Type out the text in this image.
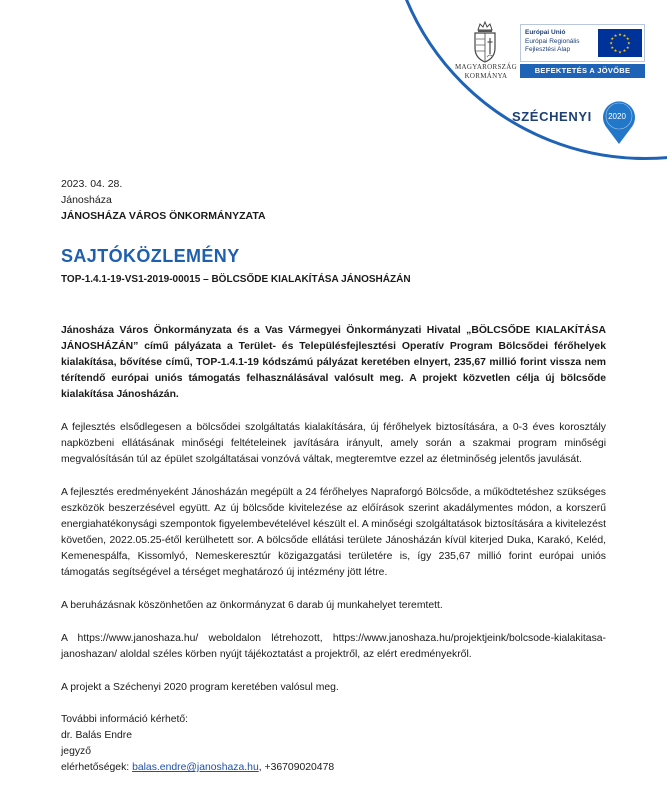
MAGYARORSZÁG
KORMÁNYA
Európai Unió
Európai Regionális
Fejlesztési Alap
★ ★
★
★
★
★
★
★
★
★
★
★
BEFEKTETÉS A JÖVŐBE
SZÉCHENYI	2020

2023. 04. 28.

Jánosháza

JÁNOSHÁZA VÁROS ÖNKORMÁNYZATA

SAJTÓKÖZLEMÉNY

TOP-1.4.1-19-VS1-2019-00015 – BÖLCSŐDE KIALAKÍTÁSA JÁNOSHÁZÁN

Jánosháza Város Önkormányzata és a Vas Vármegyei Önkormányzati Hivatal „BÖLCSŐDE KIALAKÍTÁSA JÁNOSHÁZÁN” című pályázata a Terület- és Településfejlesztési Operatív Program Bölcsődei férőhelyek kialakítása, bővítése című, TOP-1.4.1-19 kódszámú pályázat keretében elnyert, 235,67 millió forint vissza nem térítendő európai uniós támogatás felhasználásával valósult meg. A projekt közvetlen célja új bölcsőde kialakítása Jánosházán.
A fejlesztés elsődlegesen a bölcsődei szolgáltatás kialakítására, új férőhelyek biztosítására, a 0-3 éves korosztály napközbeni ellátásának minőségi feltételeinek javítására irányult, amely során a szakmai program minőségi megvalósításán túl az épület szolgáltatásai vonzóvá váltak, megteremtve ezzel az életminőség jelentős javulását.
A fejlesztés eredményeként Jánosházán megépült a 24 férőhelyes Napraforgó Bölcsőde, a működtetéshez szükséges eszközök beszerzésével együtt. Az új bölcsőde kivitelezése az előírások szerint akadálymentes módon, a korszerű energiahatékonysági szempontok figyelembevételével készült el. A minőségi szolgáltatások biztosítására a kivitelezést követően, 2022.05.25-étől kerülhetett sor. A bölcsőde ellátási területe Jánosházán kívül kiterjed Duka, Karakó, Keléd, Kemenespálfa, Kissomlyó, Nemeskeresztúr közigazgatási területére is, így 235,67 millió forint európai uniós támogatás segítségével a térséget meghatározó új intézmény jött létre.
A beruházásnak köszönhetően az önkormányzat 6 darab új munkahelyet teremtett.
A https://www.janoshaza.hu/ weboldalon létrehozott, https://www.janoshaza.hu/projektjeink/bolcsode-kialakitasa-janoshazan/ aloldal széles körben nyújt tájékoztatást a projektről, az elért eredményekről.
A projekt a Széchenyi 2020 program keretében valósul meg.
További információ kérhető:
dr. Balás Endre
jegyző
elérhetőségek: balas.endre@janoshaza.hu, +36709020478
